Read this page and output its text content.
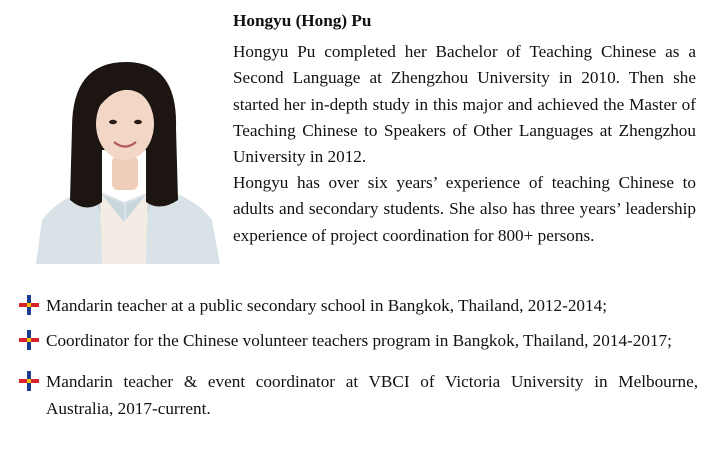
Hongyu (Hong) Pu

Hongyu Pu completed her Bachelor of Teaching Chinese as a Second Language at Zhengzhou University in 2010. Then she started her in-depth study in this major and achieved the Master of Teaching Chinese to Speakers of Other Languages at Zhengzhou University in 2012.

Hongyu has over six years’ experience of teaching Chinese to adults and secondary students. She also has three years’ leadership experience of project coordination for 800+ persons.

Mandarin teacher at a public secondary school in Bangkok, Thailand, 2012-2014;
Coordinator for the Chinese volunteer teachers program in Bangkok, Thailand, 2014-2017;
Mandarin teacher & event coordinator at VBCI of Victoria University in Melbourne, Australia, 2017-current.
